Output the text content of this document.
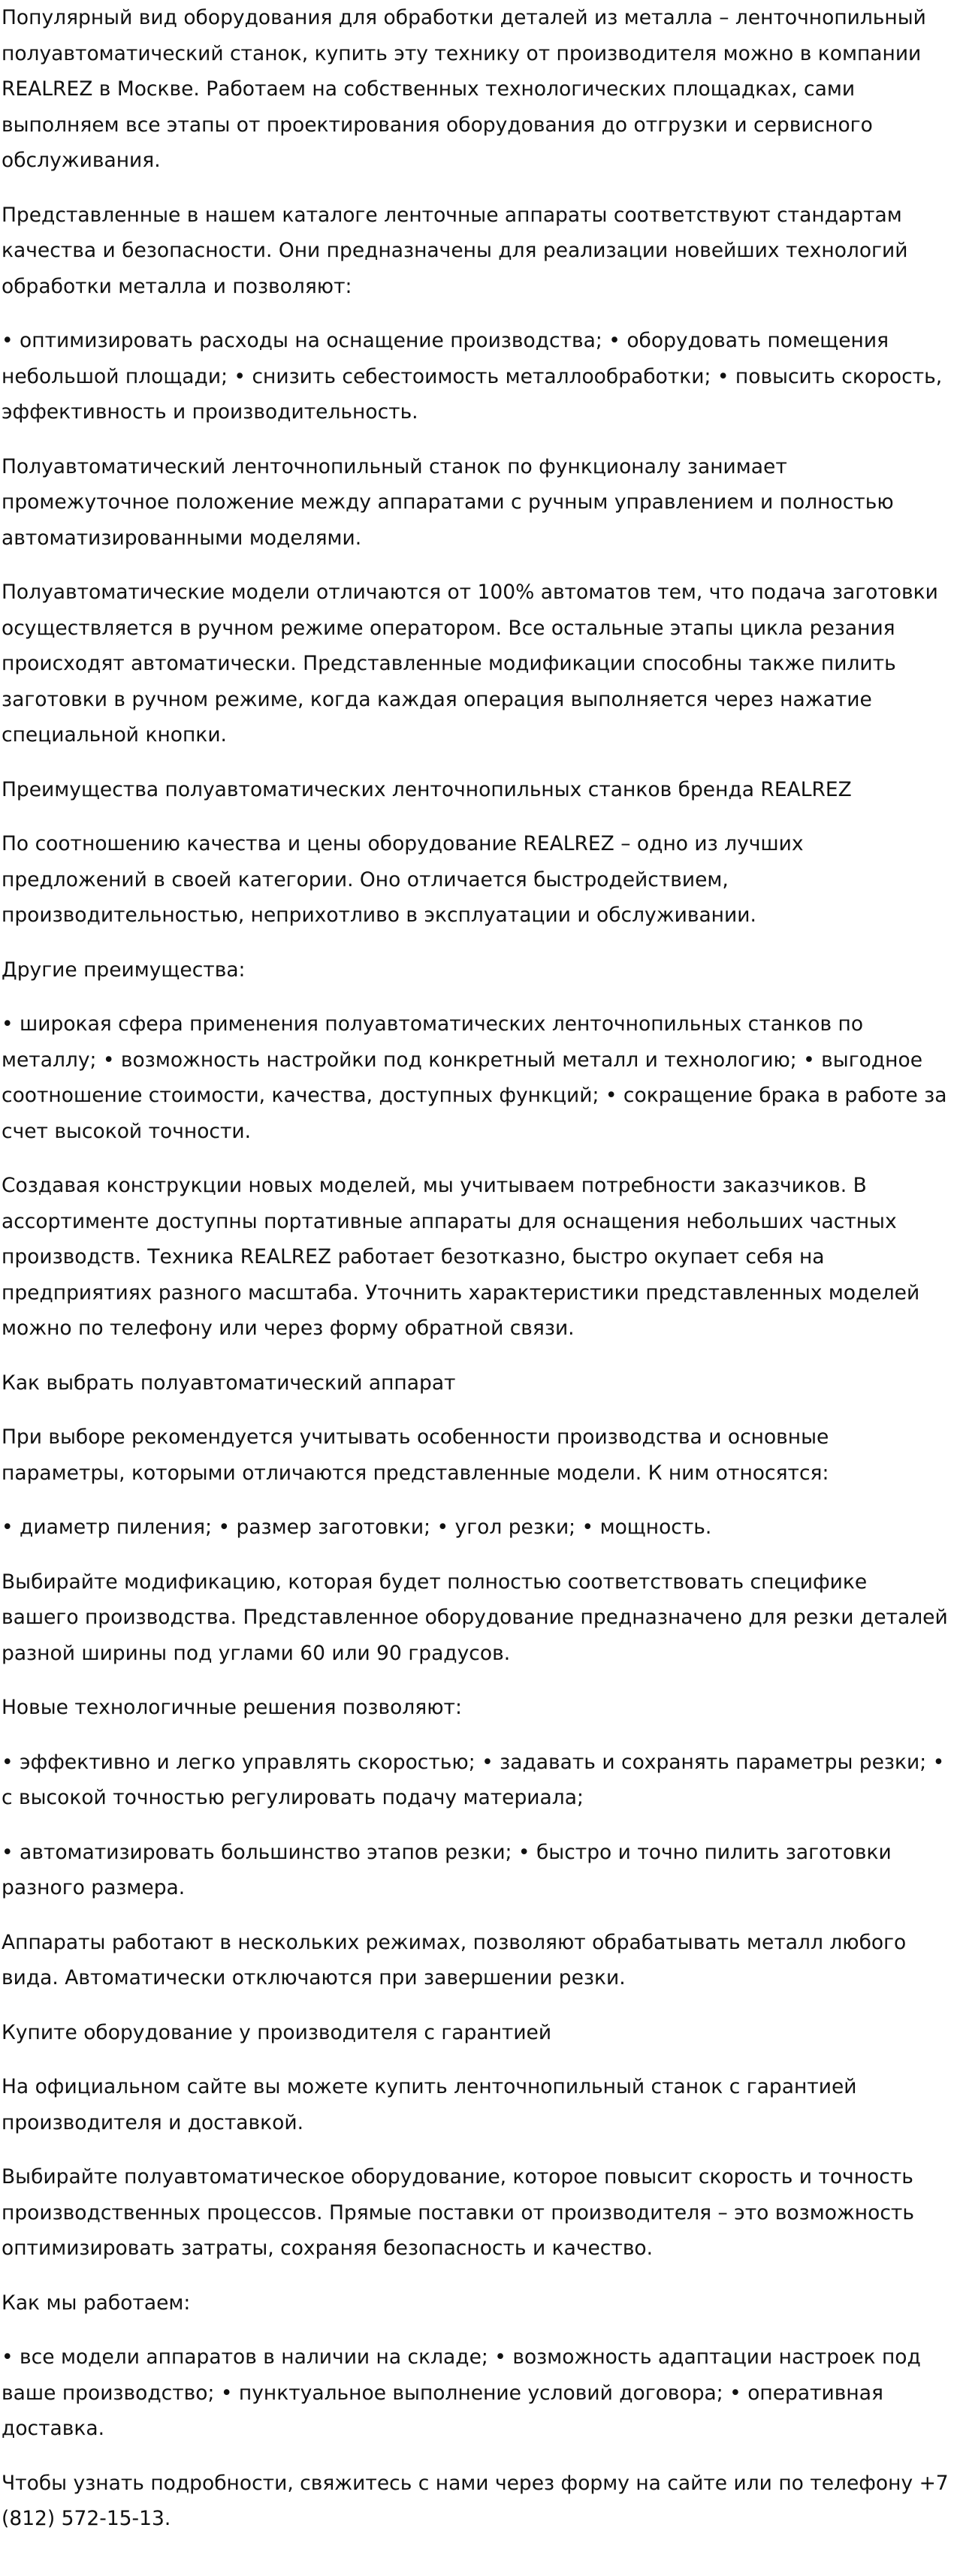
Популярный вид оборудования для обработки деталей из металла – ленточнопильный полуавтоматический станок, купить эту технику от производителя можно в компании REALREZ в Москве. Работаем на собственных технологических площадках, сами выполняем все этапы от проектирования оборудования до отгрузки и сервисного обслуживания.

Представленные в нашем каталоге ленточные аппараты соответствуют стандартам качества и безопасности. Они предназначены для реализации новейших технологий обработки металла и позволяют:

• оптимизировать расходы на оснащение производства; • оборудовать помещения небольшой площади; • снизить себестоимость металлообработки; • повысить скорость, эффективность и производительность.

Полуавтоматический ленточнопильный станок по функционалу занимает промежуточное положение между аппаратами с ручным управлением и полностью автоматизированными моделями.

Полуавтоматические модели отличаются от 100% автоматов тем, что подача заготовки осуществляется в ручном режиме оператором. Все остальные этапы цикла резания происходят автоматически. Представленные модификации способны также пилить заготовки в ручном режиме, когда каждая операция выполняется через нажатие специальной кнопки.

Преимущества полуавтоматических ленточнопильных станков бренда REALREZ

По соотношению качества и цены оборудование REALREZ – одно из лучших предложений в своей категории. Оно отличается быстродействием, производительностью, неприхотливо в эксплуатации и обслуживании.

Другие преимущества:

• широкая сфера применения полуавтоматических ленточнопильных станков по металлу; • возможность настройки под конкретный металл и технологию; • выгодное соотношение стоимости, качества, доступных функций; • сокращение брака в работе за счет высокой точности.

Создавая конструкции новых моделей, мы учитываем потребности заказчиков. В ассортименте доступны портативные аппараты для оснащения небольших частных производств. Техника REALREZ работает безотказно, быстро окупает себя на предприятиях разного масштаба. Уточнить характеристики представленных моделей можно по телефону или через форму обратной связи.

Как выбрать полуавтоматический аппарат

При выборе рекомендуется учитывать особенности производства и основные параметры, которыми отличаются представленные модели. К ним относятся:

• диаметр пиления; • размер заготовки; • угол резки; • мощность.

Выбирайте модификацию, которая будет полностью соответствовать специфике вашего производства. Представленное оборудование предназначено для резки деталей разной ширины под углами 60 или 90 градусов.

Новые технологичные решения позволяют:

• эффективно и легко управлять скоростью; • задавать и сохранять параметры резки; • с высокой точностью регулировать подачу материала;

• автоматизировать большинство этапов резки; • быстро и точно пилить заготовки разного размера.

Аппараты работают в нескольких режимах, позволяют обрабатывать металл любого вида. Автоматически отключаются при завершении резки.

Купите оборудование у производителя с гарантией

На официальном сайте вы можете купить ленточнопильный станок с гарантией производителя и доставкой.

Выбирайте полуавтоматическое оборудование, которое повысит скорость и точность производственных процессов. Прямые поставки от производителя – это возможность оптимизировать затраты, сохраняя безопасность и качество.

Как мы работаем:

• все модели аппаратов в наличии на складе; • возможность адаптации настроек под ваше производство; • пунктуальное выполнение условий договора; • оперативная доставка.

Чтобы узнать подробности, свяжитесь с нами через форму на сайте или по телефону +7 (812) 572-15-13.
